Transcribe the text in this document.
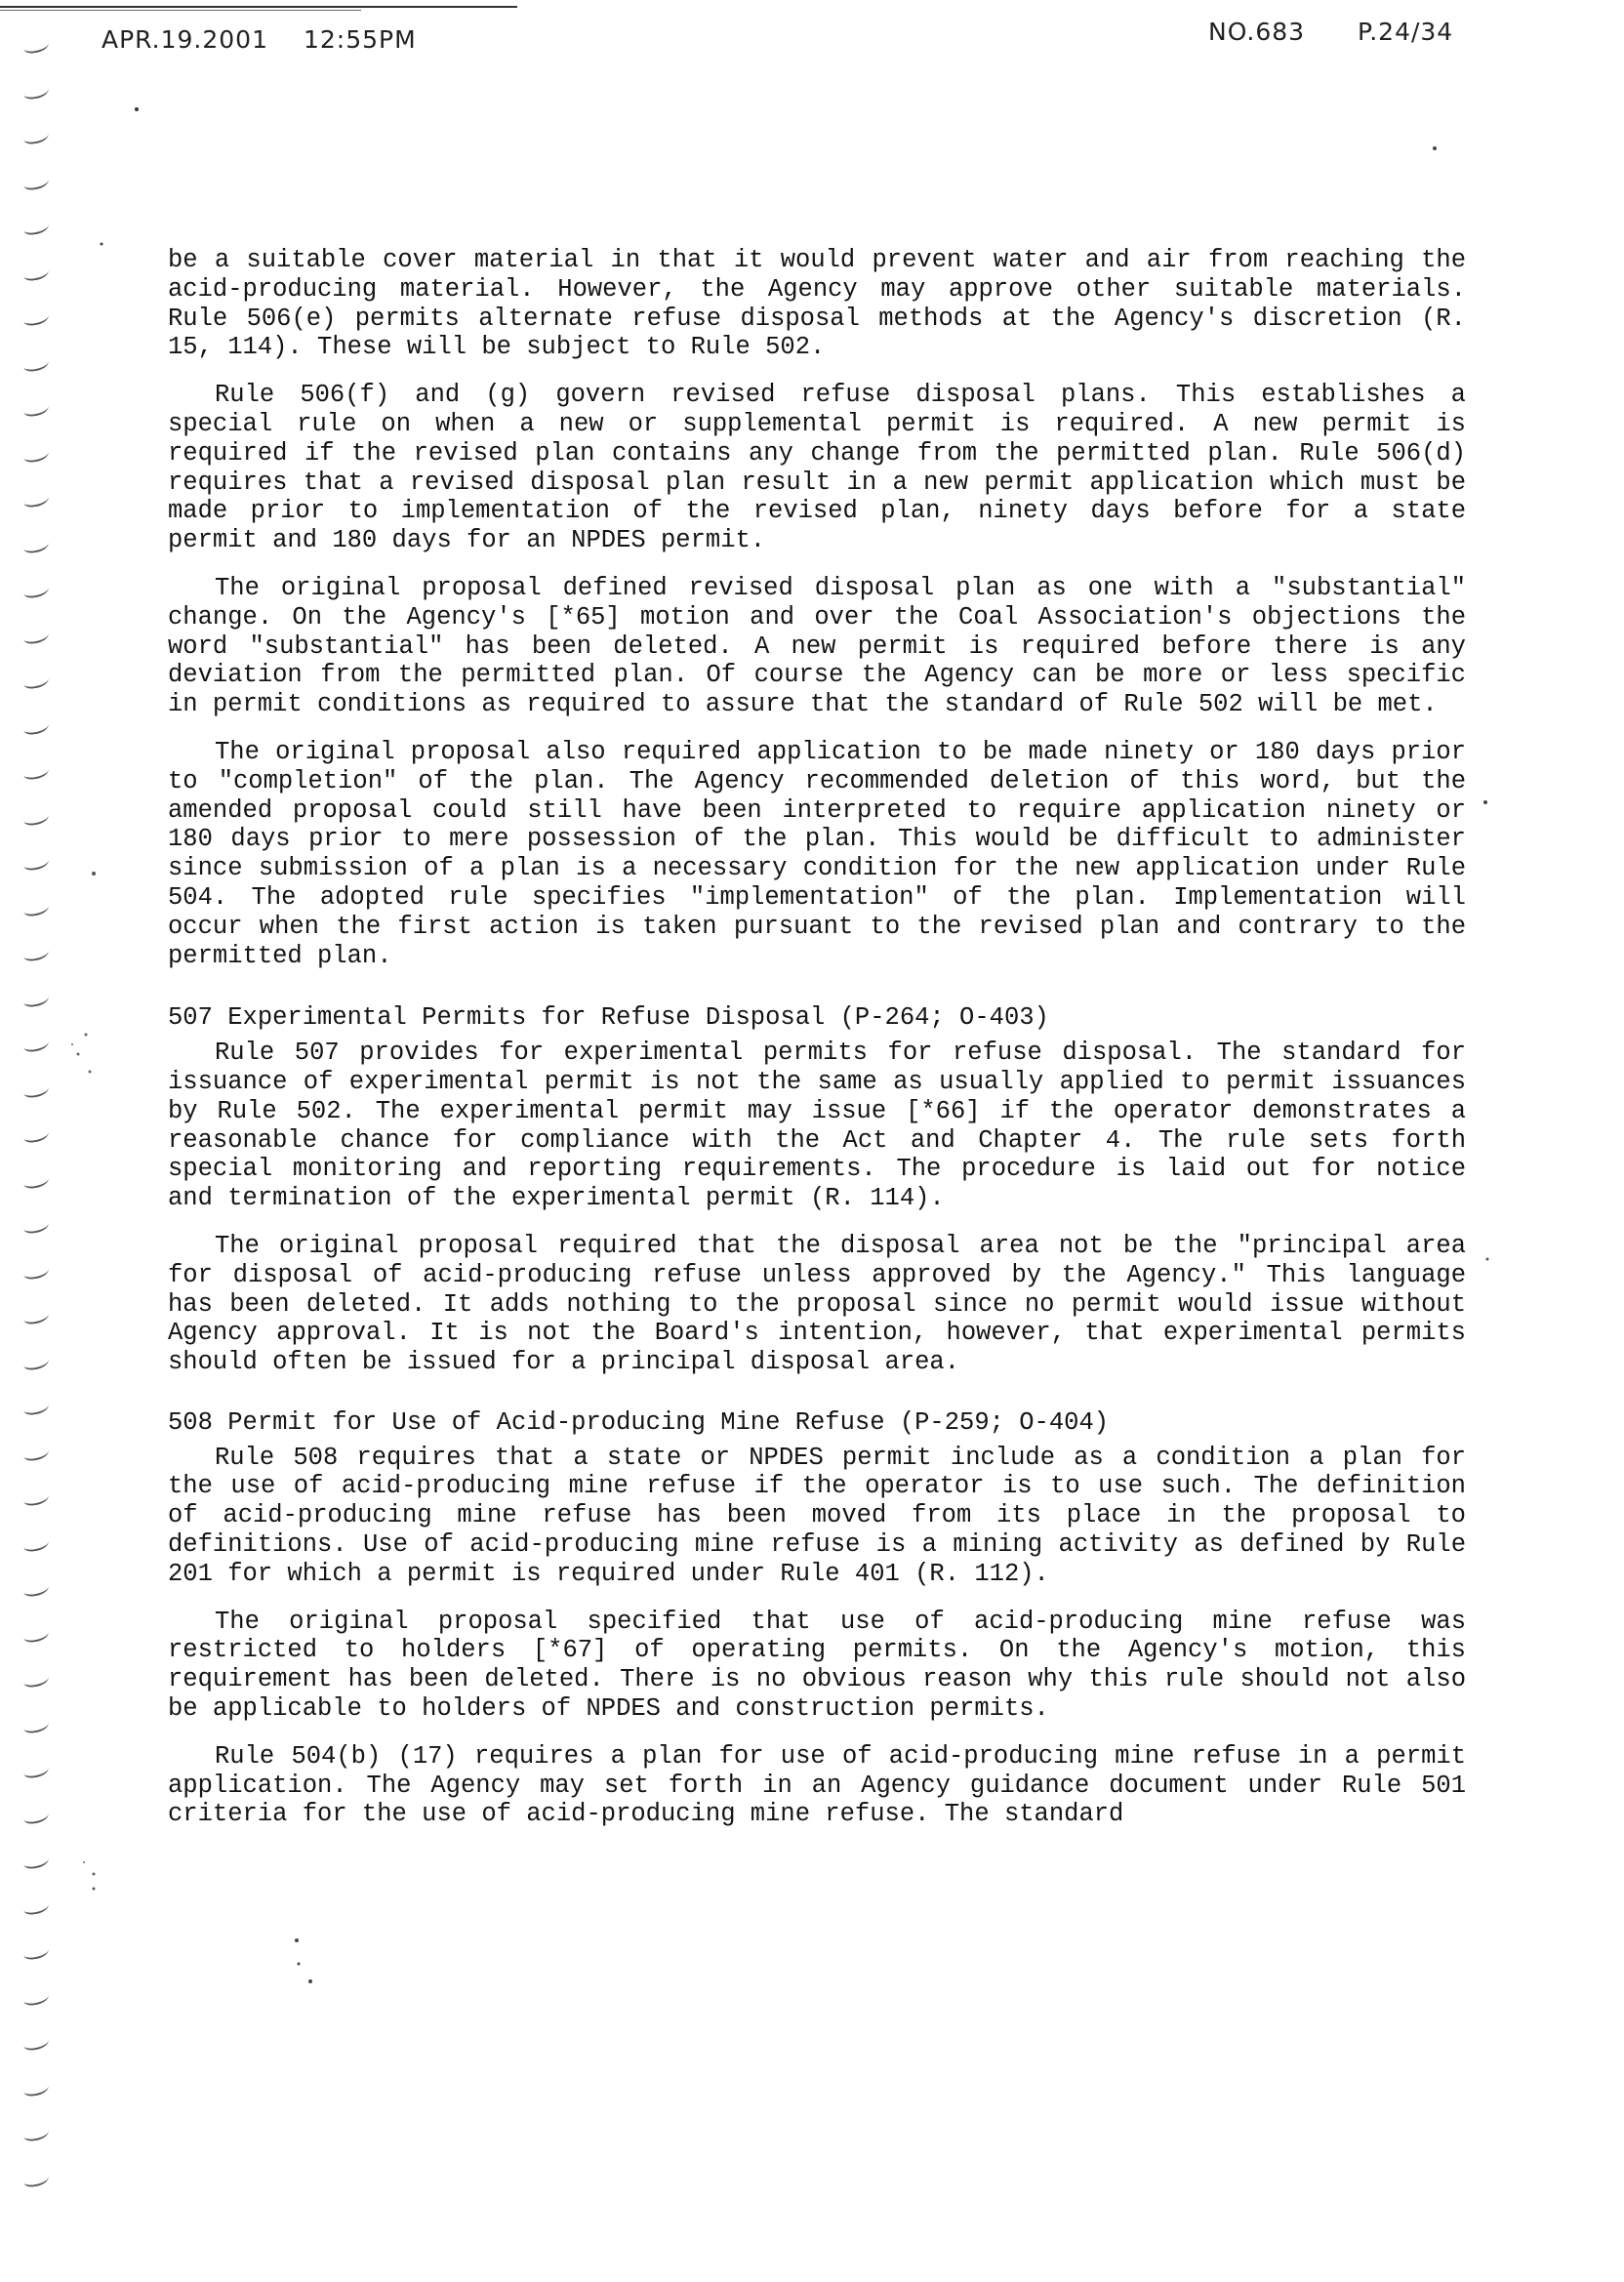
APR.19.2001 12:55PM	NO.683 P.24/34

be a suitable cover material in that it would prevent water and air from reaching the acid-producing material. However, the Agency may approve other suitable materials. Rule 506(e) permits alternate refuse disposal methods at the Agency's discretion (R. 15, 114). These will be subject to Rule 502.

Rule 506(f) and (g) govern revised refuse disposal plans. This establishes a special rule on when a new or supplemental permit is required. A new permit is required if the revised plan contains any change from the permitted plan. Rule 506(d) requires that a revised disposal plan result in a new permit application which must be made prior to implementation of the revised plan, ninety days before for a state permit and 180 days for an NPDES permit.

The original proposal defined revised disposal plan as one with a "substantial" change. On the Agency's [*65] motion and over the Coal Association's objections the word "substantial" has been deleted. A new permit is required before there is any deviation from the permitted plan. Of course the Agency can be more or less specific in permit conditions as required to assure that the standard of Rule 502 will be met.

The original proposal also required application to be made ninety or 180 days prior to "completion" of the plan. The Agency recommended deletion of this word, but the amended proposal could still have been interpreted to require application ninety or 180 days prior to mere possession of the plan. This would be difficult to administer since submission of a plan is a necessary condition for the new application under Rule 504. The adopted rule specifies "implementation" of the plan. Implementation will occur when the first action is taken pursuant to the revised plan and contrary to the permitted plan.

507 Experimental Permits for Refuse Disposal (P-264; O-403)

Rule 507 provides for experimental permits for refuse disposal. The standard for issuance of experimental permit is not the same as usually applied to permit issuances by Rule 502. The experimental permit may issue [*66] if the operator demonstrates a reasonable chance for compliance with the Act and Chapter 4. The rule sets forth special monitoring and reporting requirements. The procedure is laid out for notice and termination of the experimental permit (R. 114).

The original proposal required that the disposal area not be the "principal area for disposal of acid-producing refuse unless approved by the Agency." This language has been deleted. It adds nothing to the proposal since no permit would issue without Agency approval. It is not the Board's intention, however, that experimental permits should often be issued for a principal disposal area.

508 Permit for Use of Acid-producing Mine Refuse (P-259; O-404)

Rule 508 requires that a state or NPDES permit include as a condition a plan for the use of acid-producing mine refuse if the operator is to use such. The definition of acid-producing mine refuse has been moved from its place in the proposal to definitions. Use of acid-producing mine refuse is a mining activity as defined by Rule 201 for which a permit is required under Rule 401 (R. 112).

The original proposal specified that use of acid-producing mine refuse was restricted to holders [*67] of operating permits. On the Agency's motion, this requirement has been deleted. There is no obvious reason why this rule should not also be applicable to holders of NPDES and construction permits.

Rule 504(b) (17) requires a plan for use of acid-producing mine refuse in a permit application. The Agency may set forth in an Agency guidance document under Rule 501 criteria for the use of acid-producing mine refuse. The standard
